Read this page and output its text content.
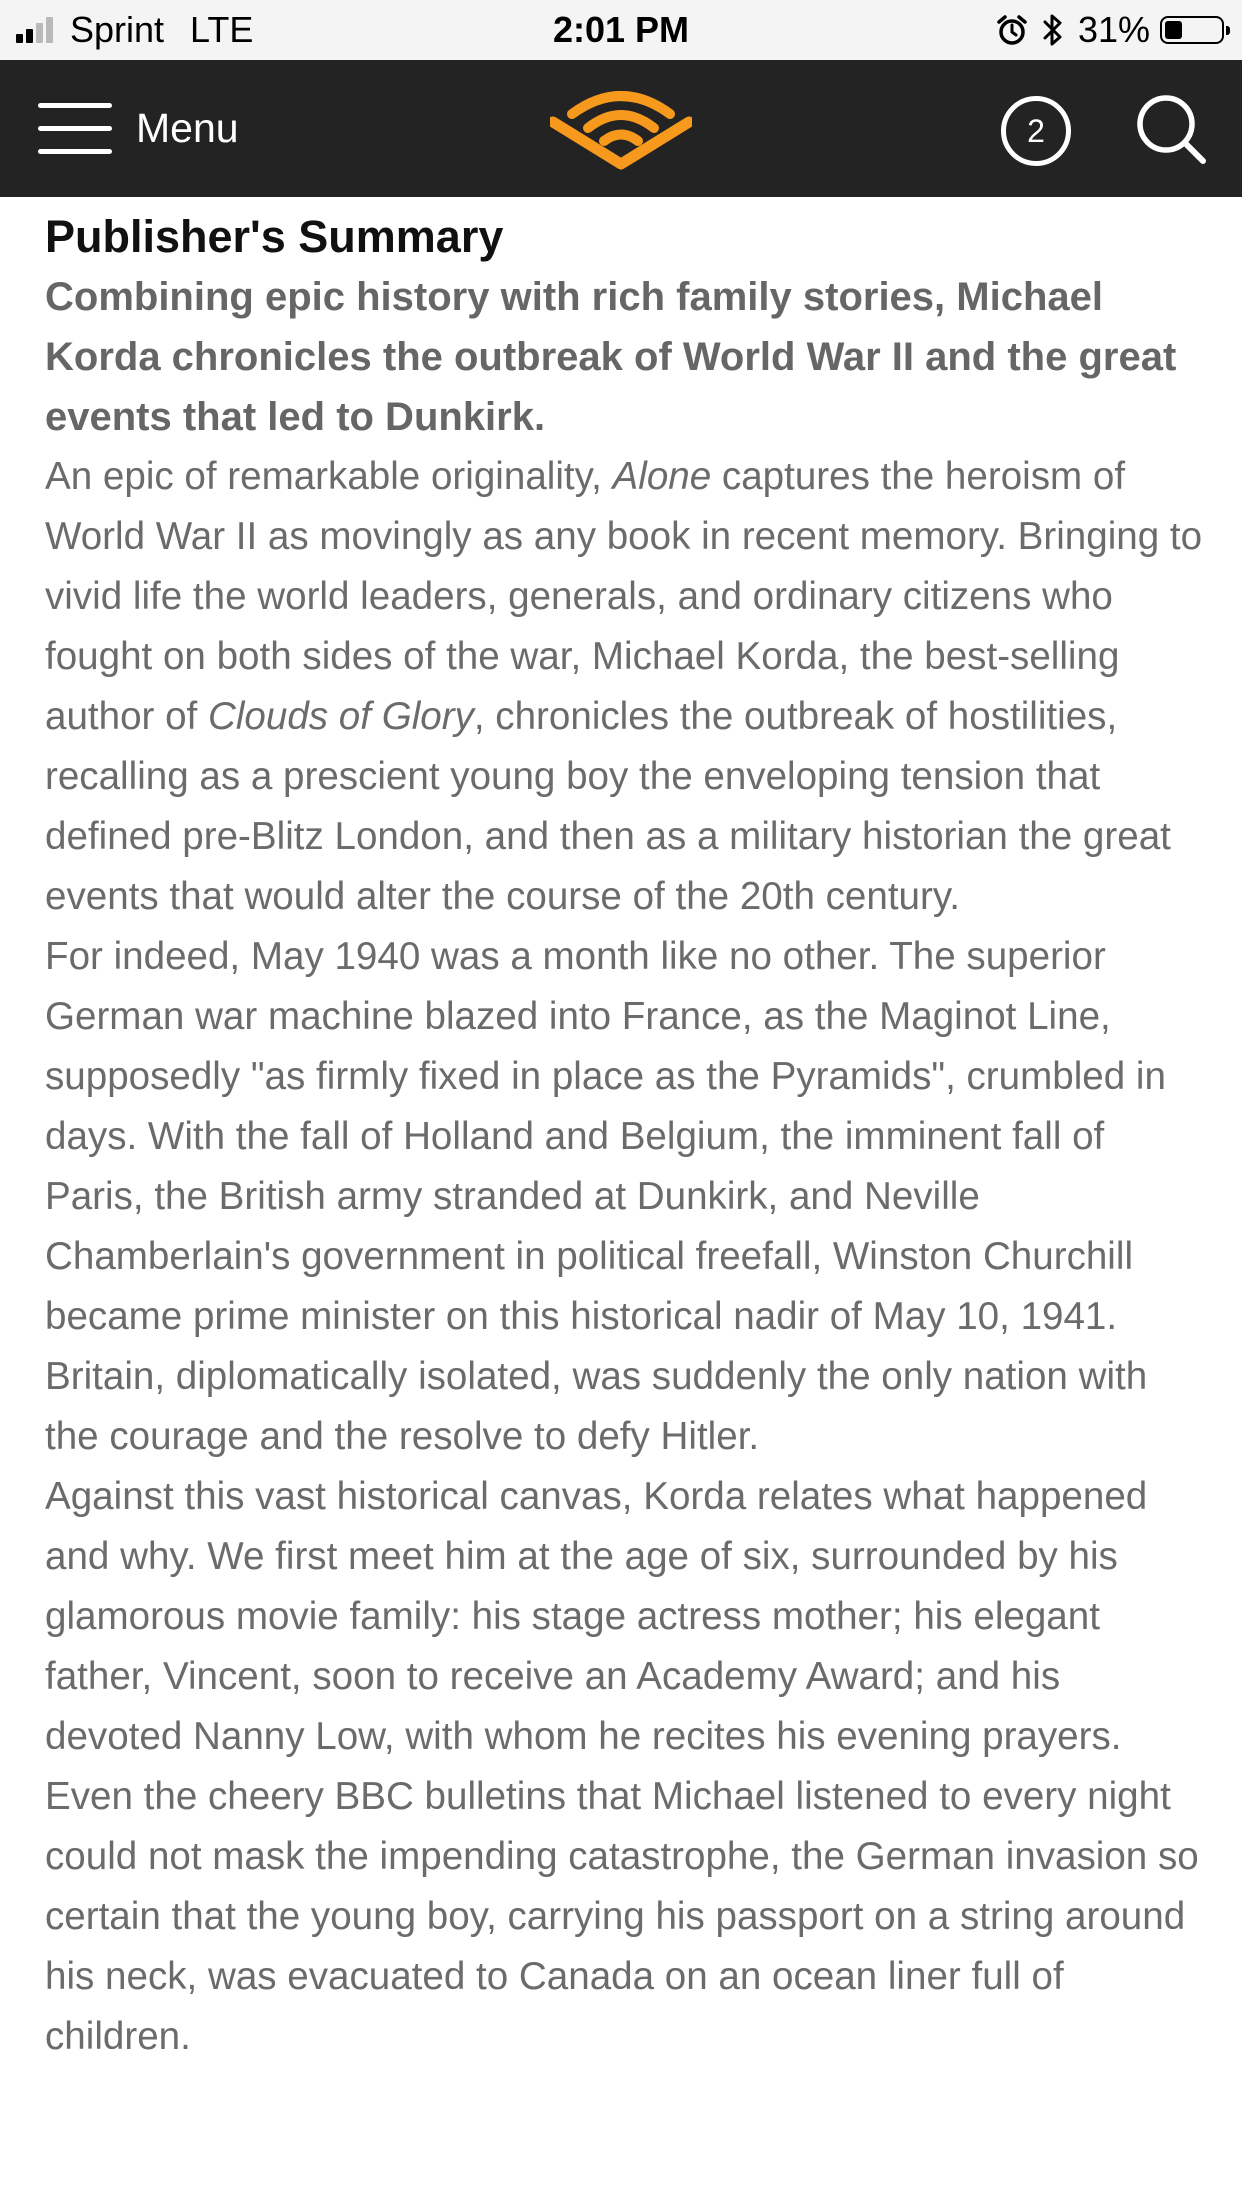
Sprint LTE	2:01 PM	31%
Menu	2
Publisher's Summary

Combining epic history with rich family stories, Michael Korda chronicles the outbreak of World War II and the great events that led to Dunkirk.

An epic of remarkable originality, Alone captures the heroism of World War II as movingly as any book in recent memory. Bringing to vivid life the world leaders, generals, and ordinary citizens who fought on both sides of the war, Michael Korda, the best-selling author of Clouds of Glory, chronicles the outbreak of hostilities, recalling as a prescient young boy the enveloping tension that defined pre-Blitz London, and then as a military historian the great events that would alter the course of the 20th century.

For indeed, May 1940 was a month like no other. The superior German war machine blazed into France, as the Maginot Line, supposedly "as firmly fixed in place as the Pyramids", crumbled in days. With the fall of Holland and Belgium, the imminent fall of Paris, the British army stranded at Dunkirk, and Neville Chamberlain's government in political freefall, Winston Churchill became prime minister on this historical nadir of May 10, 1941. Britain, diplomatically isolated, was suddenly the only nation with the courage and the resolve to defy Hitler.

Against this vast historical canvas, Korda relates what happened and why. We first meet him at the age of six, surrounded by his glamorous movie family: his stage actress mother; his elegant father, Vincent, soon to receive an Academy Award; and his devoted Nanny Low, with whom he recites his evening prayers. Even the cheery BBC bulletins that Michael listened to every night could not mask the impending catastrophe, the German invasion so certain that the young boy, carrying his passport on a string around his neck, was evacuated to Canada on an ocean liner full of children.
